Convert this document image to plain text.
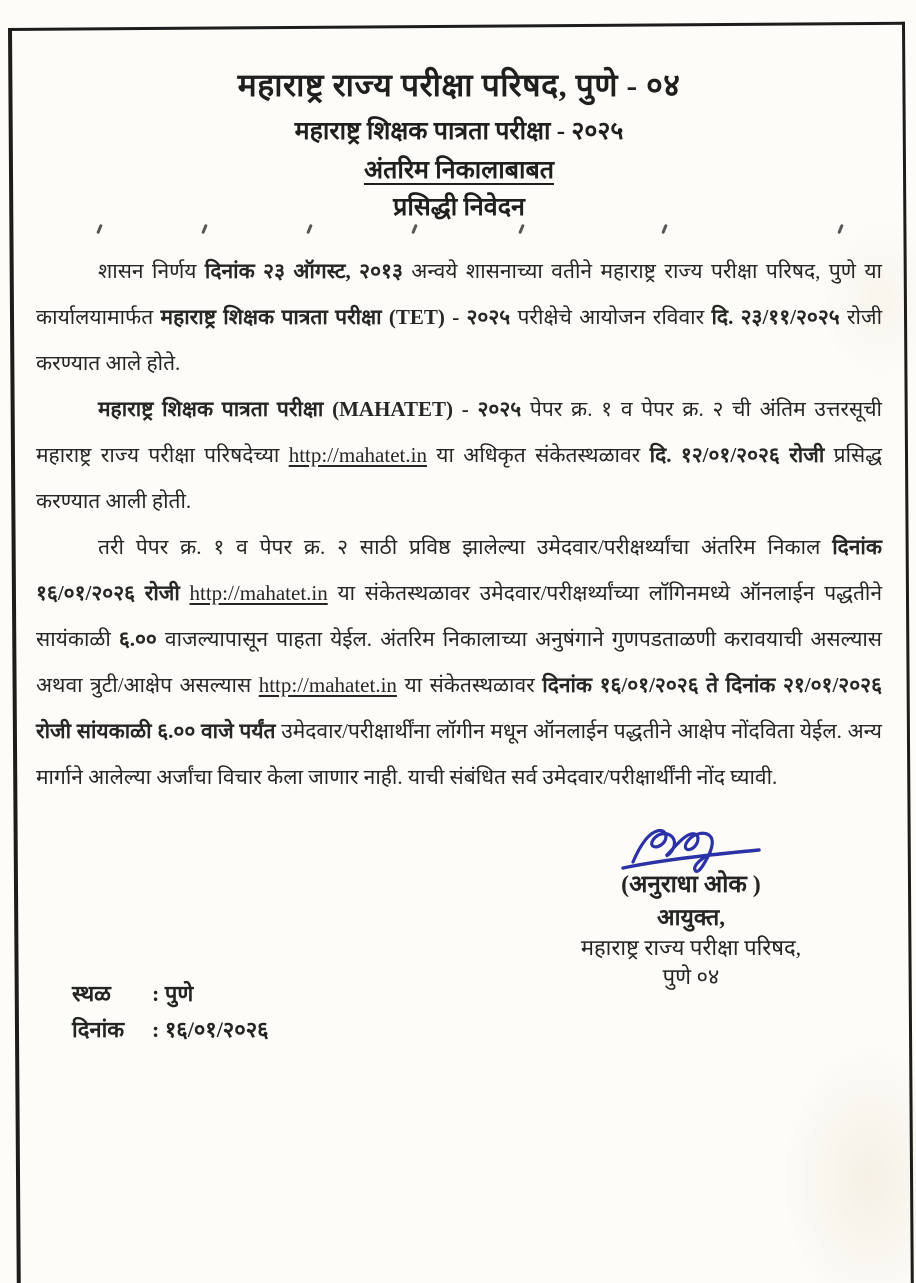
महाराष्ट्र राज्य परीक्षा परिषद, पुणे - ०४
महाराष्ट्र शिक्षक पात्रता परीक्षा - २०२५
अंतरिम निकालाबाबत
प्रसिद्धी निवेदन

शासन निर्णय दिनांक २३ ऑगस्ट, २०१३ अन्वये शासनाच्या वतीने महाराष्ट्र राज्य परीक्षा परिषद, पुणे या कार्यालयामार्फत महाराष्ट्र शिक्षक पात्रता परीक्षा (TET) - २०२५ परीक्षेचे आयोजन रविवार दि. २३/११/२०२५ रोजी करण्यात आले होते.

महाराष्ट्र शिक्षक पात्रता परीक्षा (MAHATET) - २०२५ पेपर क्र. १ व पेपर क्र. २ ची अंतिम उत्तरसूची महाराष्ट्र राज्य परीक्षा परिषदेच्या http://mahatet.in या अधिकृत संकेतस्थळावर दि. १२/०१/२०२६ रोजी प्रसिद्ध करण्यात आली होती.

तरी पेपर क्र. १ व पेपर क्र. २ साठी प्रविष्ठ झालेल्या उमेदवार/परीक्षर्थ्यांचा अंतरिम निकाल दिनांक १६/०१/२०२६ रोजी http://mahatet.in या संकेतस्थळावर उमेदवार/परीक्षर्थ्यांच्या लॉगिनमध्ये ऑनलाईन पद्धतीने सायंकाळी ६.०० वाजल्यापासून पाहता येईल. अंतरिम निकालाच्या अनुषंगाने गुणपडताळणी करावयाची असल्यास अथवा त्रुटी/आक्षेप असल्यास http://mahatet.in या संकेतस्थळावर दिनांक १६/०१/२०२६ ते दिनांक २१/०१/२०२६ रोजी सांयकाळी ६.०० वाजे पर्यंत उमेदवार/परीक्षार्थींना लॉगीन मधून ऑनलाईन पद्धतीने आक्षेप नोंदविता येईल. अन्य मार्गाने आलेल्या अर्जांचा विचार केला जाणार नाही. याची संबंधित सर्व उमेदवार/परीक्षार्थींनी नोंद घ्यावी.

(अनुराधा ओक )
आयुक्त,
महाराष्ट्र राज्य परीक्षा परिषद,
पुणे ०४
स्थळ : पुणे
दिनांक : १६/०१/२०२६
